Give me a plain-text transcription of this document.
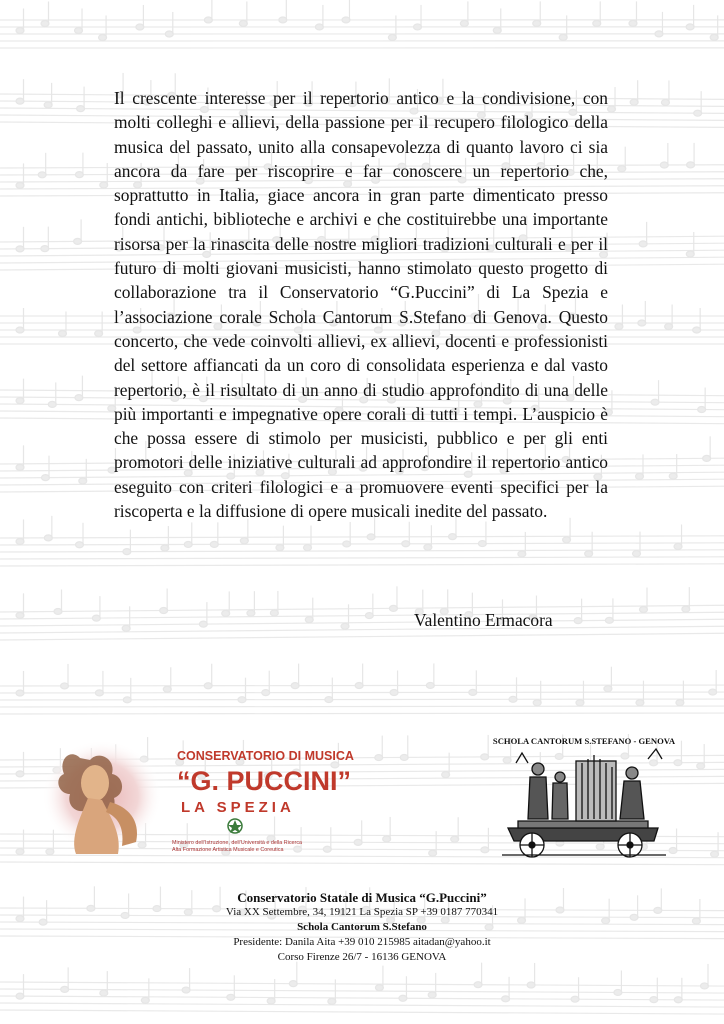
Il crescente interesse per il repertorio antico e la condivisione, con molti colleghi e allievi, della passione per il recupero filologico della musica del passato, unito alla consapevolezza di quanto lavoro ci sia ancora da fare per riscoprire e far conoscere un repertorio che, soprattutto in Italia, giace ancora in gran parte dimenticato presso fondi antichi, biblioteche e archivi e che costituirebbe una importante risorsa per la rinascita delle nostre migliori tradizioni culturali e per il futuro di molti giovani musicisti, hanno stimolato questo progetto di collaborazione tra il Conservatorio “G.Puccini” di La Spezia e l’associazione corale Schola Cantorum S.Stefano di Genova. Questo concerto, che vede coinvolti allievi, ex allievi, docenti e professionisti del settore affiancati da un coro di consolidata esperienza e dal vasto repertorio, è il risultato di un anno di studio approfondito di una delle più importanti e impegnative opere corali di tutti i tempi. L’auspicio è che possa essere di stimolo per musicisti, pubblico e per gli enti promotori delle iniziative culturali ad approfondire il repertorio antico eseguito con criteri filologici e a promuovere eventi specifici per la riscoperta e la diffusione di opere musicali inedite del passato.

Valentino Ermacora
CONSERVATORIO DI MUSICA
“G. PUCCINI”
LA SPEZIA
Ministero dell’Istruzione, dell’Università e della Ricerca
Alta Formazione Artistica Musicale e Coreutica
SCHOLA CANTORUM S.STEFANO - GENOVA
Conservatorio Statale di Musica “G.Puccini”
Via XX Settembre, 34, 19121 La Spezia SP +39 0187 770341
Schola Cantorum S.Stefano
Presidente: Danila Aita +39 010 215985 aitadan@yahoo.it
Corso Firenze 26/7 - 16136 GENOVA
